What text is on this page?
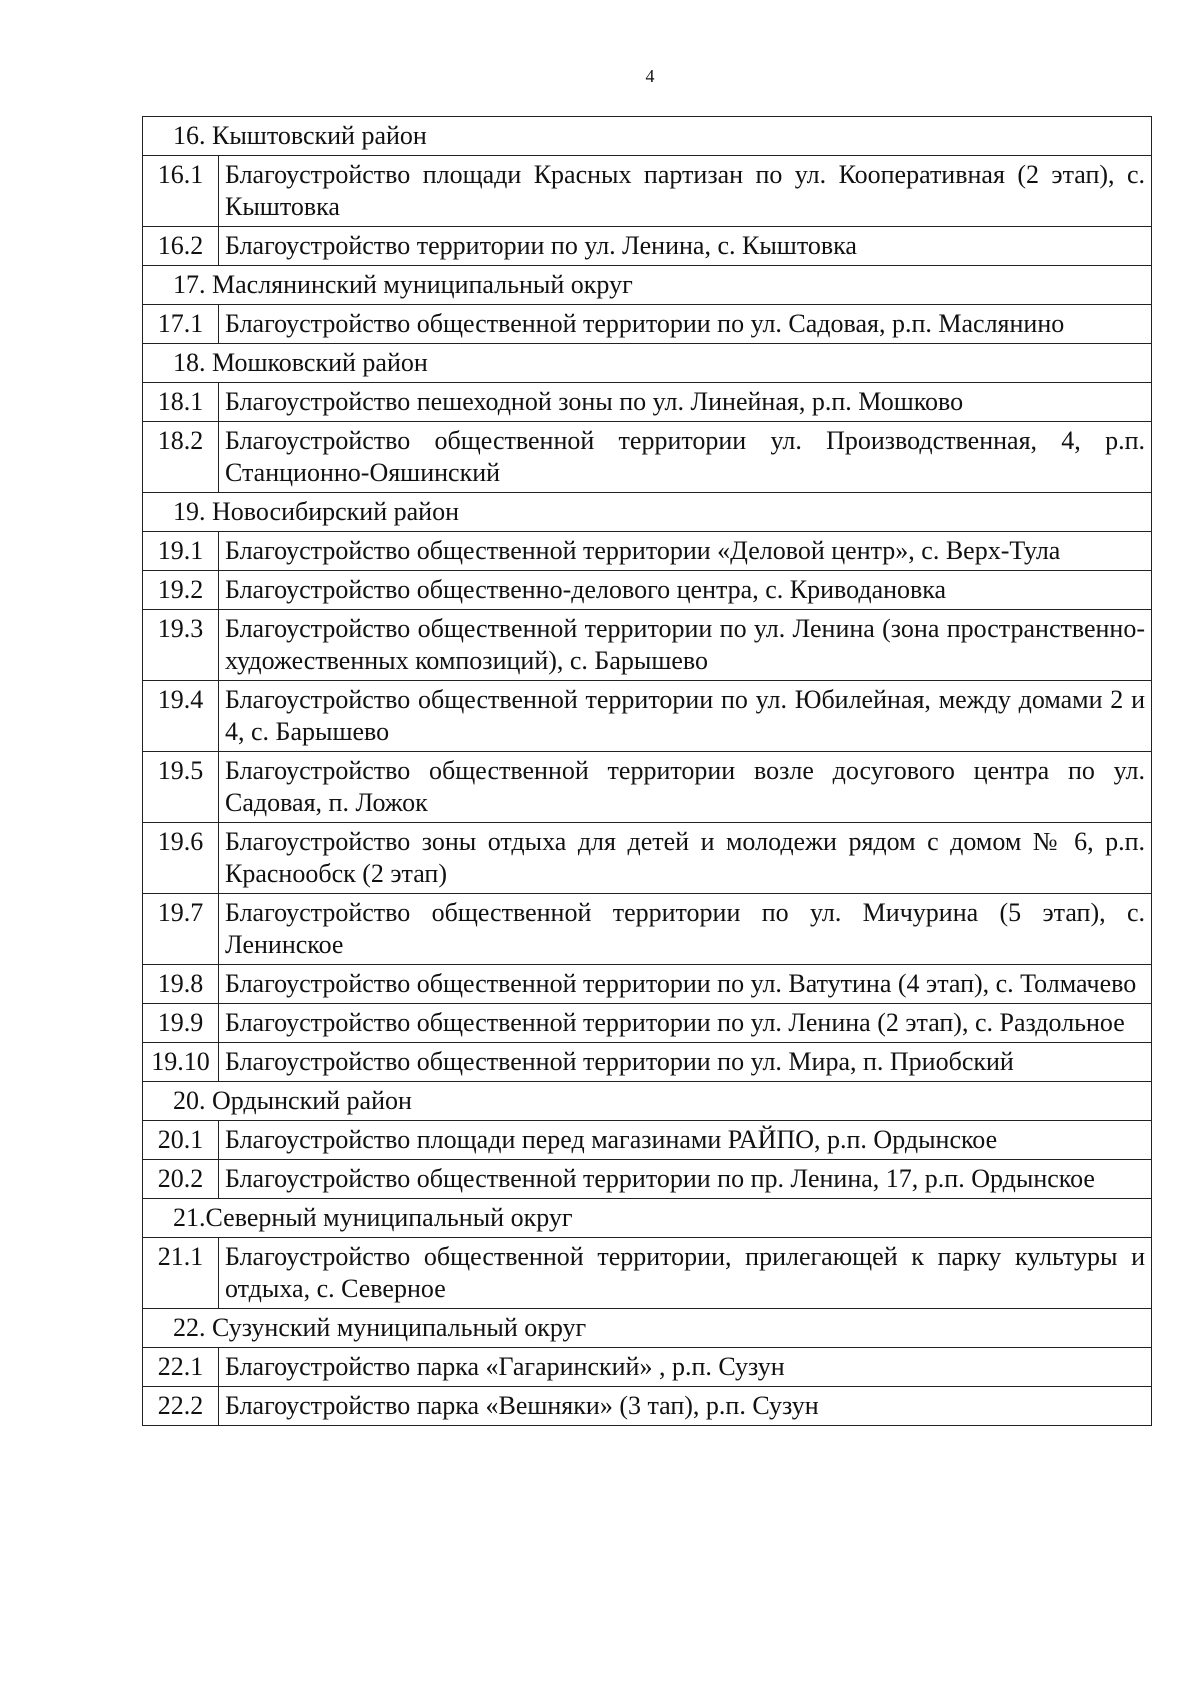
4
16. Кыштовский район	
16.1	Благоустройство площади Красных партизан по ул. Кооперативная (2 этап), с. Кыштовка
16.2	Благоустройство территории по ул. Ленина, с. Кыштовка
17. Маслянинский муниципальный округ	
17.1	Благоустройство общественной территории по ул. Садовая, р.п. Маслянино
18. Мошковский район	
18.1	Благоустройство пешеходной зоны по ул. Линейная, р.п. Мошково
18.2	Благоустройство общественной территории ул. Производственная, 4, р.п. Станционно-Ояшинский
19. Новосибирский район	
19.1	Благоустройство общественной территории «Деловой центр», с. Верх-Тула
19.2	Благоустройство общественно-делового центра, с. Криводановка
19.3	Благоустройство общественной территории по ул. Ленина (зона пространственно-художественных композиций), с. Барышево
19.4	Благоустройство общественной территории по ул. Юбилейная, между домами 2 и 4, с. Барышево
19.5	Благоустройство общественной территории возле досугового центра по ул. Садовая, п. Ложок
19.6	Благоустройство зоны отдыха для детей и молодежи рядом с домом № 6, р.п. Краснообск (2 этап)
19.7	Благоустройство общественной территории по ул. Мичурина (5 этап), с. Ленинское
19.8	Благоустройство общественной территории по ул. Ватутина (4 этап), с. Толмачево
19.9	Благоустройство общественной территории по ул. Ленина (2 этап), с. Раздольное
19.10	Благоустройство общественной территории по ул. Мира, п. Приобский
20. Ордынский район	
20.1	Благоустройство площади перед магазинами РАЙПО, р.п. Ордынское
20.2	Благоустройство общественной территории по пр. Ленина, 17, р.п. Ордынское
21.Северный муниципальный округ	
21.1	Благоустройство общественной территории, прилегающей к парку культуры и отдыха, с. Северное
22. Сузунский муниципальный округ	
22.1	Благоустройство парка «Гагаринский» , р.п. Сузун
22.2	Благоустройство парка «Вешняки» (3 тап), р.п. Сузун
